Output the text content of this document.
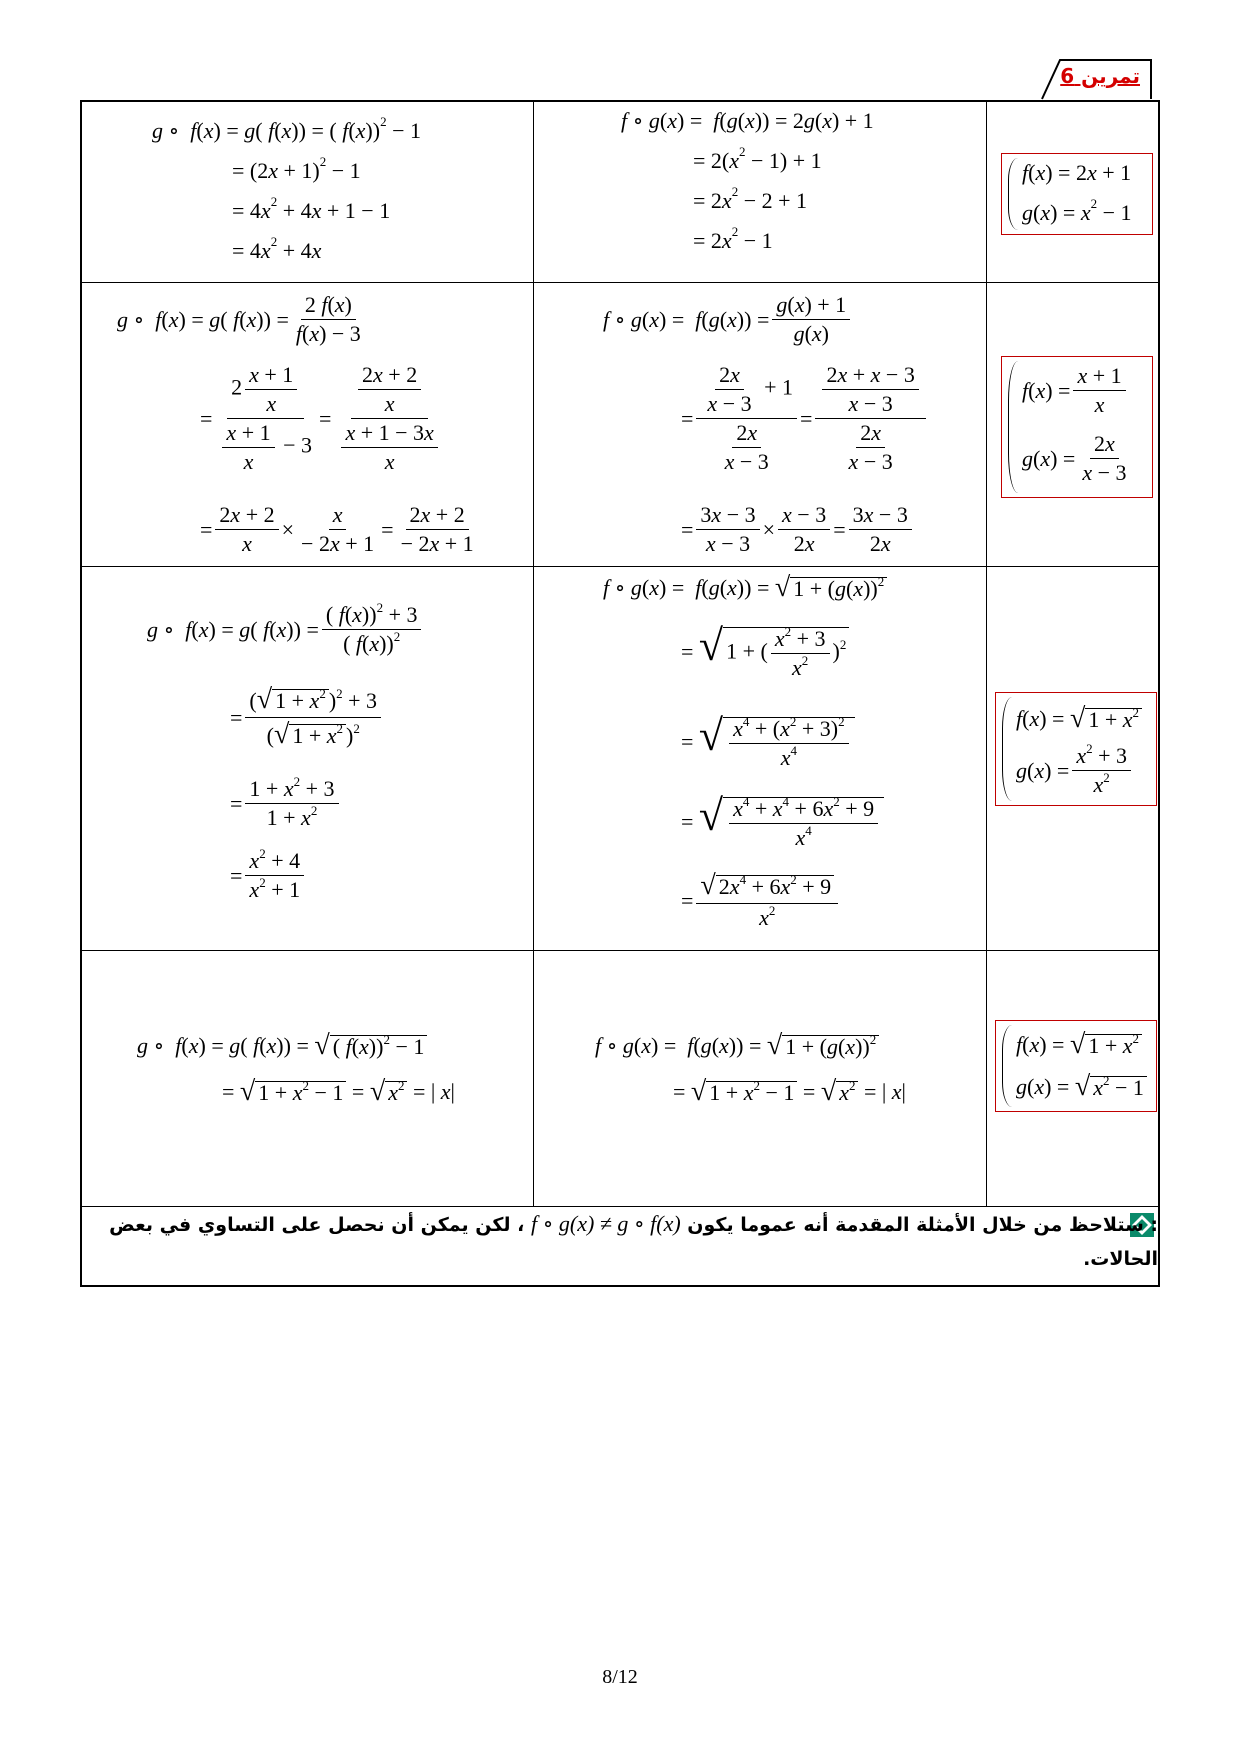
تمرين 6
f ( x ) = 2 x + 1
g ( x ) = x 2 − 1
f ∘ g ( x ) = f ( g ( x )) = 2 g ( x ) + 1
= 2( x 2 − 1) + 1
= 2 x 2 − 2 + 1
= 2 x 2 − 1
g ∘ f ( x ) = g ( f ( x )) = ( f ( x )) 2 − 1
= (2 x + 1) 2 − 1
= 4 x 2 + 4 x + 1 − 1
= 4 x 2 + 4 x
f ( x ) = $\frac{x + 1}{x}$
g ( x ) = $\frac{2x}{x - 3}$
f ∘ g ( x ) = f ( g ( x )) = $\frac{g(x) + 1}{g(x)}$
= $\frac{\frac{2x}{x - 3} + 1}{\frac{2x}{x - 3}} = \frac{\frac{2x + x - 3}{x - 3}}{\frac{2x}{x - 3}}$
= $\frac{3x - 3}{x - 3} \times \frac{x - 3}{2x} = \frac{3x - 3}{2x}$
g ∘ f ( x ) = g ( f ( x )) = $\frac{2 f(x)}{f(x) - 3}$
= $\frac{2 \frac{x + 1}{x}}{\frac{x + 1}{x} - 3} = \frac{\frac{2x + 2}{x}}{\frac{x + 1 - 3x}{x}}$
= $\frac{2x + 2}{x} \times \frac{x}{- 2x + 1} = \frac{2x + 2}{- 2x + 1}$
f ( x ) = √ $1 + x^2$
g ( x ) = $\frac{x^2 + 3}{x^2}$
f ∘ g ( x ) = f ( g ( x )) = √ $1 + (g(x))^2$
= √ 1 + ( $\frac{x^2 + 3}{x^2} )^2$
= √ $\frac{x^4 + (x^2 + 3)^2}{x^4}$
= √ $\frac{x^4 + x^4 + 6x^2 + 9}{x^4}$
= $\frac{√ 2x^4 + 6x^2 + 9}{x^2}$
g ∘ f ( x ) = g ( f ( x )) = $\frac{( f(x))^2 + 3}{( f(x))^2}$
= $\frac{( √ 1 + x^2 )^2 + 3}{( √ 1 + x^2 )^2}$
= $\frac{1 + x^2 + 3}{1 + x^2}$
= $\frac{x^2 + 4}{x^2 + 1}$
f ( x ) = √ $1 + x^2$
g ( x ) = √ $x^2 - 1$
f ∘ g ( x ) = f ( g ( x )) = √ $1 + (g(x))^2$
= √ $1 + x^2 - 1$ = √ $x^2$ = | x |
g ∘ f ( x ) = g ( f ( x )) = √ ( f(x))$^2$ − 1
= √ $1 + x^2 - 1$ = √ $x^2$ = | x |
: ستلاحظ من خلال الأمثلة المقدمة أنه عموما يكون f ∘ g(x) ≠ g ∘ f(x) ، لكن يمكن أن نحصل على التساوي في بعض الحالات.
8/12
